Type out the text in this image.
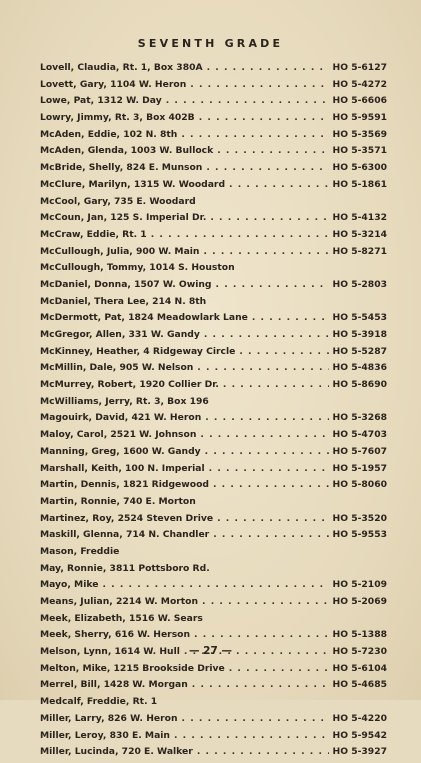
SEVENTH GRADE
Lovell, Claudia, Rt. 1, Box 380A . . .	HO 5-6127
Lovett, Gary, 1104 W. Heron . . .	HO 5-4272
Lowe, Pat, 1312 W. Day . . .	HO 5-6606
Lowry, Jimmy, Rt. 3, Box 402B . . .	HO 5-9591
McAden, Eddie, 102 N. 8th . . .	HO 5-3569
McAden, Glenda, 1003 W. Bullock . . .	HO 5-3571
McBride, Shelly, 824 E. Munson . . .	HO 5-6300
McClure, Marilyn, 1315 W. Woodard . . .	HO 5-1861
McCool, Gary, 735 E. Woodard
McCoun, Jan, 125 S. Imperial Dr. . . .	HO 5-4132
McCraw, Eddie, Rt. 1 . . .	HO 5-3214
McCullough, Julia, 900 W. Main . . .	HO 5-8271
McCullough, Tommy, 1014 S. Houston
McDaniel, Donna, 1507 W. Owing . . .	HO 5-2803
McDaniel, Thera Lee, 214 N. 8th
McDermott, Pat, 1824 Meadowlark Lane . . .	HO 5-5453
McGregor, Allen, 331 W. Gandy . . .	HO 5-3918
McKinney, Heather, 4 Ridgeway Circle . . .	HO 5-5287
McMillin, Dale, 905 W. Nelson . . .	HO 5-4836
McMurrey, Robert, 1920 Collier Dr. . . .	HO 5-8690
McWilliams, Jerry, Rt. 3, Box 196
Magouirk, David, 421 W. Heron . . .	HO 5-3268
Maloy, Carol, 2521 W. Johnson . . .	HO 5-4703
Manning, Greg, 1600 W. Gandy . . .	HO 5-7607
Marshall, Keith, 100 N. Imperial . . .	HO 5-1957
Martin, Dennis, 1821 Ridgewood . . .	HO 5-8060
Martin, Ronnie, 740 E. Morton
Martinez, Roy, 2524 Steven Drive . . .	HO 5-3520
Maskill, Glenna, 714 N. Chandler . . .	HO 5-9553
Mason, Freddie
May, Ronnie, 3811 Pottsboro Rd.
Mayo, Mike . . .	HO 5-2109
Means, Julian, 2214 W. Morton . . .	HO 5-2069
Meek, Elizabeth, 1516 W. Sears
Meek, Sherry, 616 W. Herson . . .	HO 5-1388
Melson, Lynn, 1614 W. Hull . . .	HO 5-7230
Melton, Mike, 1215 Brookside Drive . . .	HO 5-6104
Merrel, Bill, 1428 W. Morgan . . .	HO 5-4685
Medcalf, Freddie, Rt. 1
Miller, Larry, 826 W. Heron . . .	HO 5-4220
Miller, Leroy, 830 E. Main . . .	HO 5-9542
Miller, Lucinda, 720 E. Walker . . .	HO 5-3927
— 27 —
